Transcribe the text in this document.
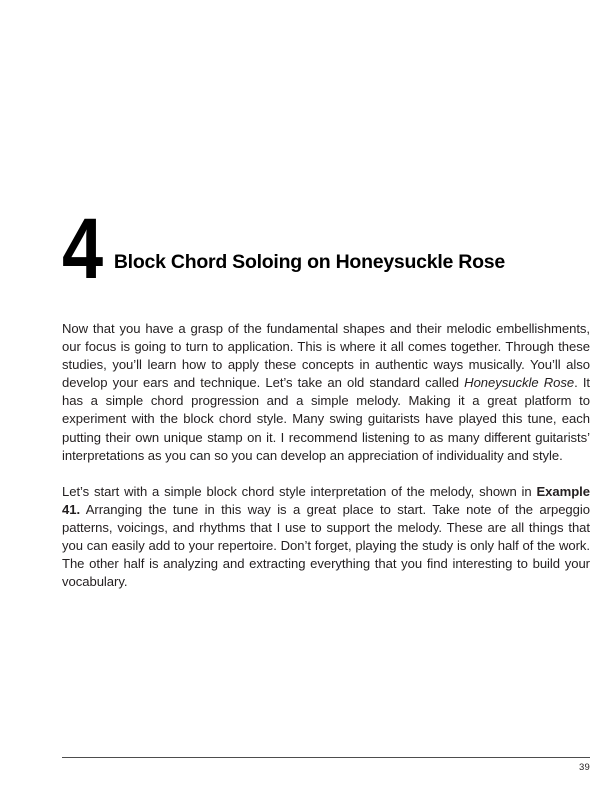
4 Block Chord Soloing on Honeysuckle Rose

Now that you have a grasp of the fundamental shapes and their melodic embellishments, our focus is going to turn to application. This is where it all comes together. Through these studies, you’ll learn how to apply these concepts in authentic ways musically. You’ll also develop your ears and technique. Let’s take an old standard called Honeysuckle Rose. It has a simple chord progression and a simple melody. Making it a great platform to experiment with the block chord style. Many swing guitarists have played this tune, each putting their own unique stamp on it. I recommend listening to as many different guitarists’ interpretations as you can so you can develop an appreciation of individuality and style.

Let’s start with a simple block chord style interpretation of the melody, shown in Example 41. Arranging the tune in this way is a great place to start. Take note of the arpeggio patterns, voicings, and rhythms that I use to support the melody. These are all things that you can easily add to your repertoire. Don’t forget, playing the study is only half of the work. The other half is analyzing and extracting everything that you find interesting to build your vocabulary.

39
